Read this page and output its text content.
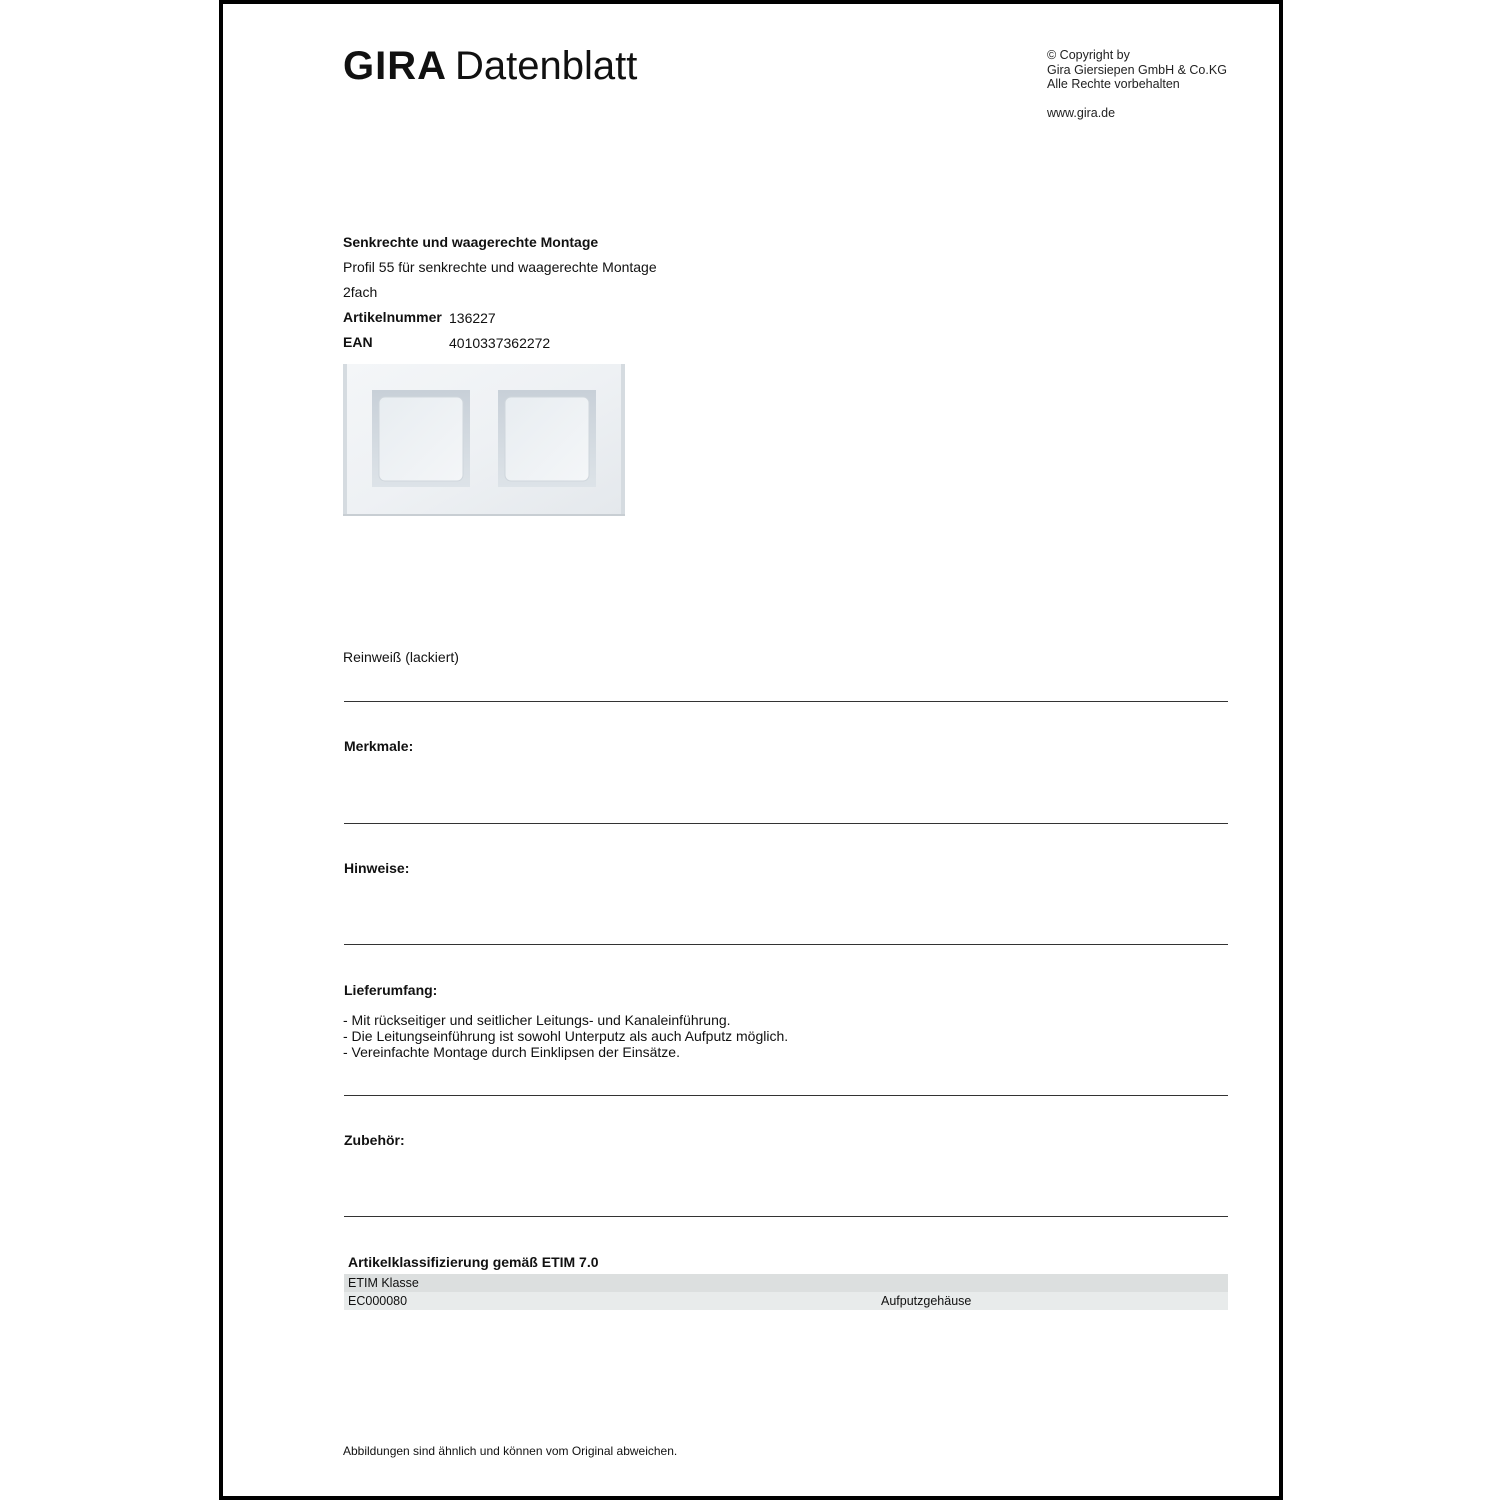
GIRA Datenblatt	© Copyright by
Gira Giersiepen GmbH & Co.KG
Alle Rechte vorbehalten
www.gira.de
Senkrechte und waagerechte Montage
Profil 55 für senkrechte und waagerechte Montage
2fach
Artikelnummer 136227
EAN	4010337362272
Reinweiß (lackiert)
Merkmale:
Hinweise:
Lieferumfang:
- Mit rückseitiger und seitlicher Leitungs- und Kanaleinführung.
- Die Leitungseinführung ist sowohl Unterputz als auch Aufputz möglich.
- Vereinfachte Montage durch Einklipsen der Einsätze.
Zubehör:
Artikelklassifizierung gemäß ETIM 7.0
ETIM Klasse
EC000080	Aufputzgehäuse
Abbildungen sind ähnlich und können vom Original abweichen.
